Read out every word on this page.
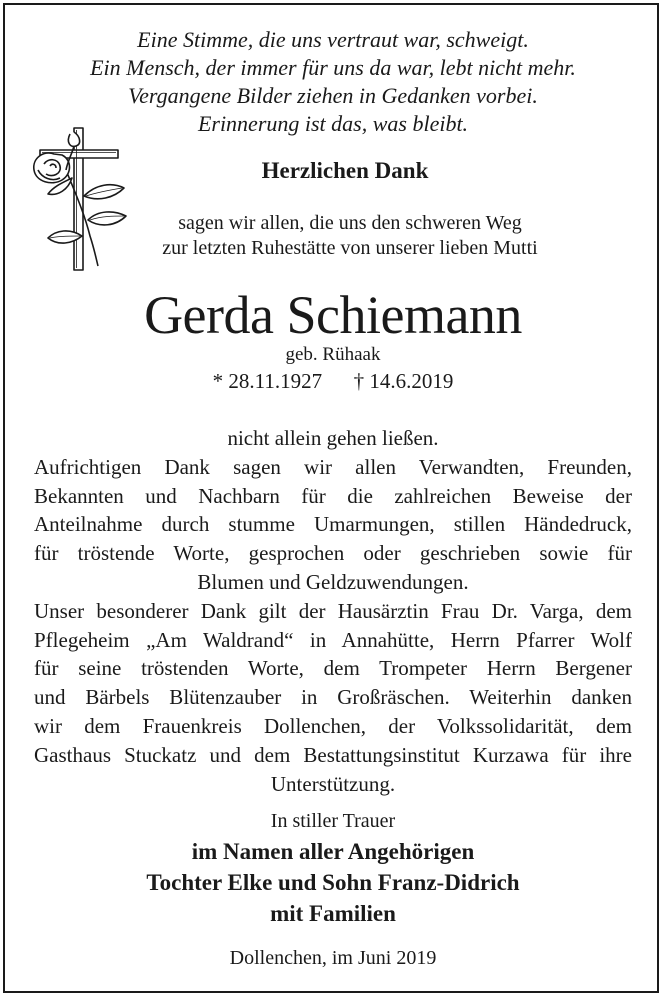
Eine Stimme, die uns vertraut war, schweigt.
Ein Mensch, der immer für uns da war, lebt nicht mehr.
Vergangene Bilder ziehen in Gedanken vorbei.
Erinnerung ist das, was bleibt.
Herzlichen Dank
sagen wir allen, die uns den schweren Weg
zur letzten Ruhestätte von unserer lieben Mutti
Gerda Schiemann
geb. Rühaak
* 28.11.1927      † 14.6.2019
nicht allein gehen ließen.
Aufrichtigen Dank sagen wir allen Verwandten, Freunden,
Bekannten und Nachbarn für die zahlreichen Beweise der
Anteilnahme durch stumme Umarmungen, stillen Händedruck,
für tröstende Worte, gesprochen oder geschrieben sowie für
Blumen und Geldzuwendungen.
Unser besonderer Dank gilt der Hausärztin Frau Dr. Varga, dem
Pflegeheim „Am Waldrand“ in Annahütte, Herrn Pfarrer Wolf
für seine tröstenden Worte, dem Trompeter Herrn Bergener
und Bärbels Blütenzauber in Großräschen. Weiterhin danken
wir dem Frauenkreis Dollenchen, der Volkssolidarität, dem
Gasthaus Stuckatz und dem Bestattungsinstitut Kurzawa für ihre
Unterstützung.
In stiller Trauer
im Namen aller Angehörigen
Tochter Elke und Sohn Franz-Didrich
mit Familien
Dollenchen, im Juni 2019
